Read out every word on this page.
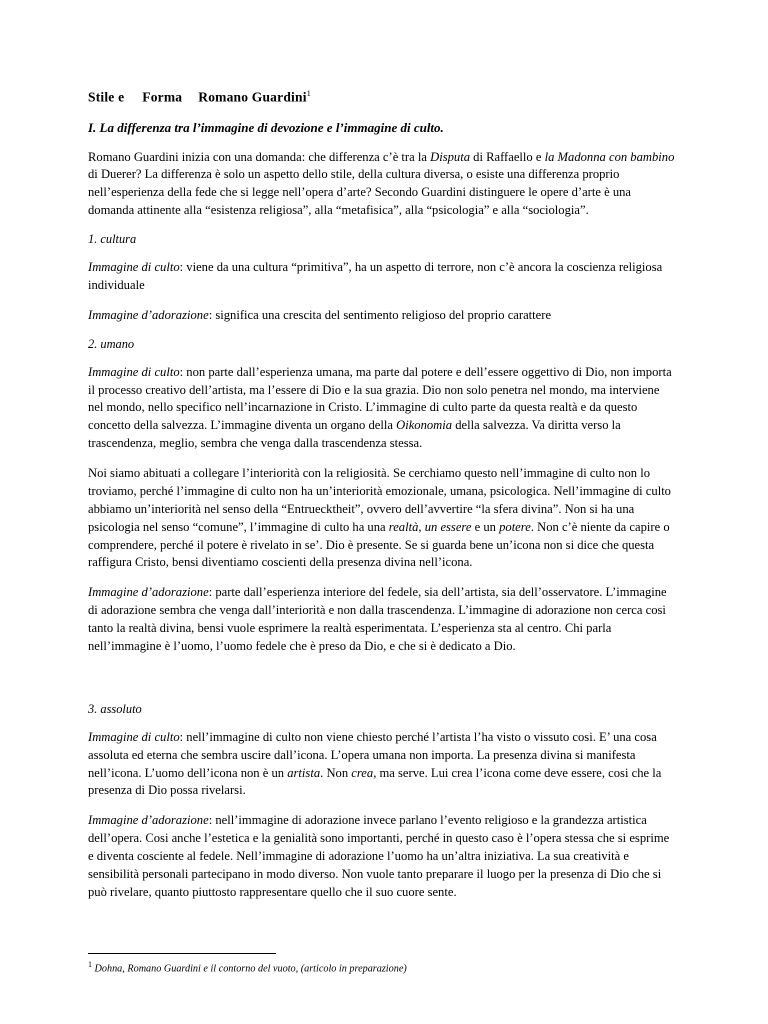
Stile e Forma Romano Guardini$^1$
I. La differenza tra l’immagine di devozione e l’immagine di culto.

Romano Guardini inizia con una domanda: che differenza c’è tra la Disputa di Raffaello e la Madonna con bambino di Duerer? La differenza è solo un aspetto dello stile, della cultura diversa, o esiste una differenza proprio nell’esperienza della fede che si legge nell’opera d’arte? Secondo Guardini distinguere le opere d’arte è una domanda attinente alla “esistenza religiosa”, alla “metafisica”, alla “psicologia” e alla “sociologia”.

1. cultura

Immagine di culto: viene da una cultura “primitiva”, ha un aspetto di terrore, non c’è ancora la coscienza religiosa individuale

Immagine d’adorazione: significa una crescita del sentimento religioso del proprio carattere

2. umano

Immagine di culto: non parte dall’esperienza umana, ma parte dal potere e dell’essere oggettivo di Dio, non importa il processo creativo dell’artista, ma l’essere di Dio e la sua grazia. Dio non solo penetra nel mondo, ma interviene nel mondo, nello specifico nell’incarnazione in Cristo. L’immagine di culto parte da questa realtà e da questo concetto della salvezza. L’immagine diventa un organo della Oikonomia della salvezza. Va diritta verso la trascendenza, meglio, sembra che venga dalla trascendenza stessa.

Noi siamo abituati a collegare l’interiorità con la religiosità. Se cerchiamo questo nell’immagine di culto non lo troviamo, perché l’immagine di culto non ha un’interiorità emozionale, umana, psicologica. Nell’immagine di culto abbiamo un’interiorità nel senso della “Entruecktheit”, ovvero dell’avvertire “la sfera divina”. Non si ha una psicologia nel senso “comune”, l’immagine di culto ha una realtà, un essere e un potere. Non c’è niente da capire o comprendere, perché il potere è rivelato in se’. Dio è presente. Se si guarda bene un’icona non si dice che questa raffigura Cristo, bensi diventiamo coscienti della presenza divina nell’icona.

Immagine d’adorazione: parte dall’esperienza interiore del fedele, sia dell’artista, sia dell’osservatore. L’immagine di adorazione sembra che venga dall’interiorità e non dalla trascendenza. L’immagine di adorazione non cerca cosi tanto la realtà divina, bensi vuole esprimere la realtà esperimentata. L’esperienza sta al centro. Chi parla nell’immagine è l’uomo, l’uomo fedele che è preso da Dio, e che si è dedicato a Dio.

3. assoluto

Immagine di culto: nell’immagine di culto non viene chiesto perché l’artista l’ha visto o vissuto cosi. E’ una cosa assoluta ed eterna che sembra uscire dall’icona. L’opera umana non importa. La presenza divina si manifesta nell’icona. L’uomo dell’icona non è un artista. Non crea, ma serve. Lui crea l’icona come deve essere, cosi che la presenza di Dio possa rivelarsi.

Immagine d’adorazione: nell’immagine di adorazione invece parlano l’evento religioso e la grandezza artistica dell’opera. Cosi anche l’estetica e la genialità sono importanti, perché in questo caso è l’opera stessa che si esprime e diventa cosciente al fedele. Nell’immagine di adorazione l’uomo ha un’altra iniziativa. La sua creatività e sensibilità personali partecipano in modo diverso. Non vuole tanto preparare il luogo per la presenza di Dio che si può rivelare, quanto piuttosto rappresentare quello che il suo cuore sente.

$^1$ Dohna, Romano Guardini e il contorno del vuoto, (articolo in preparazione)
